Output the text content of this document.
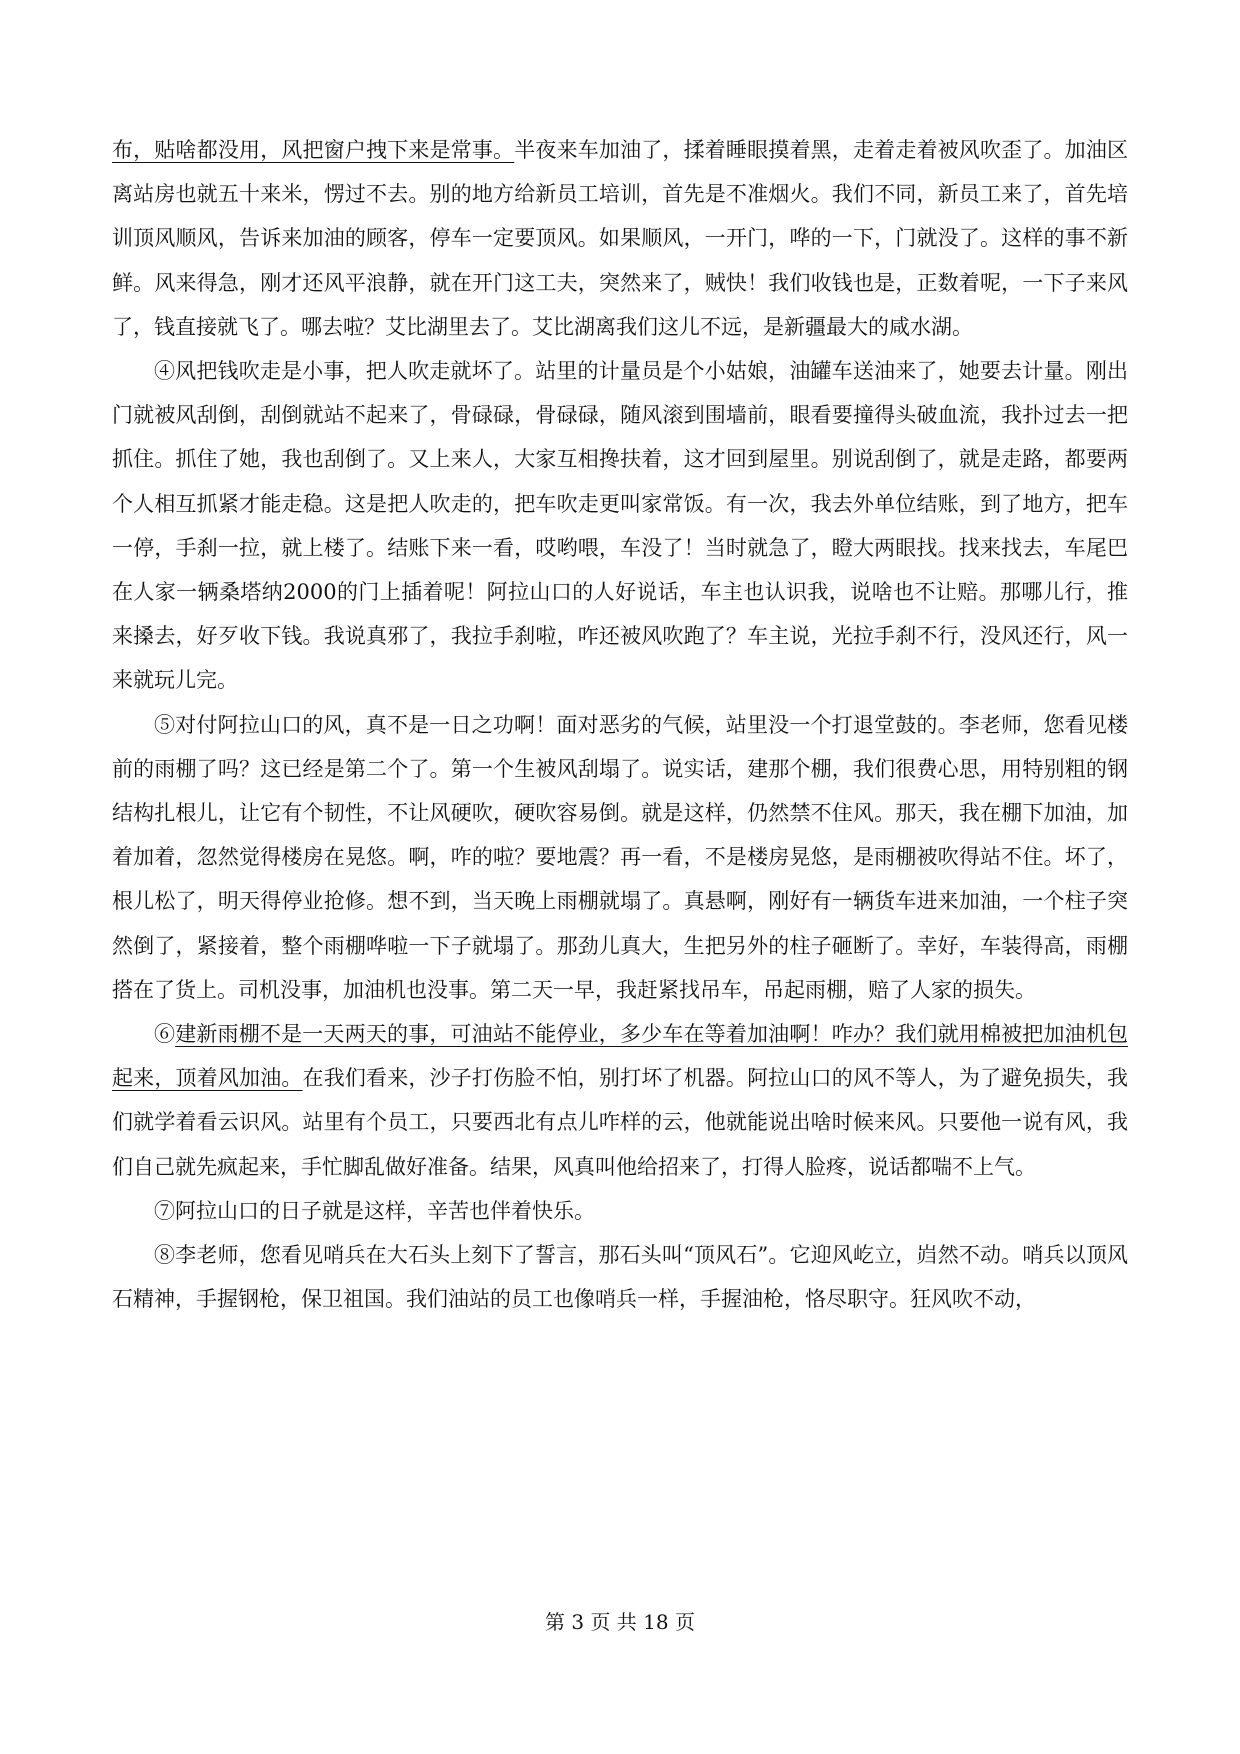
布，贴啥都没用，风把窗户拽下来是常事。半夜来车加油了，揉着睡眼摸着黑，走着走着被风吹歪了。加油区离站房也就五十来米，愣过不去。别的地方给新员工培训，首先是不准烟火。我们不同，新员工来了，首先培训顶风顺风，告诉来加油的顾客，停车一定要顶风。如果顺风，一开门，哗的一下，门就没了。这样的事不新鲜。风来得急，刚才还风平浪静，就在开门这工夫，突然来了，贼快！我们收钱也是，正数着呢，一下子来风了，钱直接就飞了。哪去啦？艾比湖里去了。艾比湖离我们这儿不远，是新疆最大的咸水湖。

④风把钱吹走是小事，把人吹走就坏了。站里的计量员是个小姑娘，油罐车送油来了，她要去计量。刚出门就被风刮倒，刮倒就站不起来了，骨碌碌，骨碌碌，随风滚到围墙前，眼看要撞得头破血流，我扑过去一把抓住。抓住了她，我也刮倒了。又上来人，大家互相搀扶着，这才回到屋里。别说刮倒了，就是走路，都要两个人相互抓紧才能走稳。这是把人吹走的，把车吹走更叫家常饭。有一次，我去外单位结账，到了地方，把车一停，手刹一拉，就上楼了。结账下来一看，哎哟喂，车没了！当时就急了，瞪大两眼找。找来找去，车尾巴在人家一辆桑塔纳2000的门上插着呢！阿拉山口的人好说话，车主也认识我，说啥也不让赔。那哪儿行，推来搡去，好歹收下钱。我说真邪了，我拉手刹啦，咋还被风吹跑了？车主说，光拉手刹不行，没风还行，风一来就玩儿完。

⑤对付阿拉山口的风，真不是一日之功啊！面对恶劣的气候，站里没一个打退堂鼓的。李老师，您看见楼前的雨棚了吗？这已经是第二个了。第一个生被风刮塌了。说实话，建那个棚，我们很费心思，用特别粗的钢结构扎根儿，让它有个韧性，不让风硬吹，硬吹容易倒。就是这样，仍然禁不住风。那天，我在棚下加油，加着加着，忽然觉得楼房在晃悠。啊，咋的啦？要地震？再一看，不是楼房晃悠，是雨棚被吹得站不住。坏了，根儿松了，明天得停业抢修。想不到，当天晚上雨棚就塌了。真悬啊，刚好有一辆货车进来加油，一个柱子突然倒了，紧接着，整个雨棚哗啦一下子就塌了。那劲儿真大，生把另外的柱子砸断了。幸好，车装得高，雨棚搭在了货上。司机没事，加油机也没事。第二天一早，我赶紧找吊车，吊起雨棚，赔了人家的损失。

⑥建新雨棚不是一天两天的事，可油站不能停业，多少车在等着加油啊！咋办？我们就用棉被把加油机包起来，顶着风加油。在我们看来，沙子打伤脸不怕，别打坏了机器。阿拉山口的风不等人，为了避免损失，我们就学着看云识风。站里有个员工，只要西北有点儿咋样的云，他就能说出啥时候来风。只要他一说有风，我们自己就先疯起来，手忙脚乱做好准备。结果，风真叫他给招来了，打得人脸疼，说话都喘不上气。

⑦阿拉山口的日子就是这样，辛苦也伴着快乐。

⑧李老师，您看见哨兵在大石头上刻下了誓言，那石头叫“顶风石”。它迎风屹立，岿然不动。哨兵以顶风石精神，手握钢枪，保卫祖国。我们油站的员工也像哨兵一样，手握油枪，恪尽职守。狂风吹不动，

第 3 页 共 18 页
